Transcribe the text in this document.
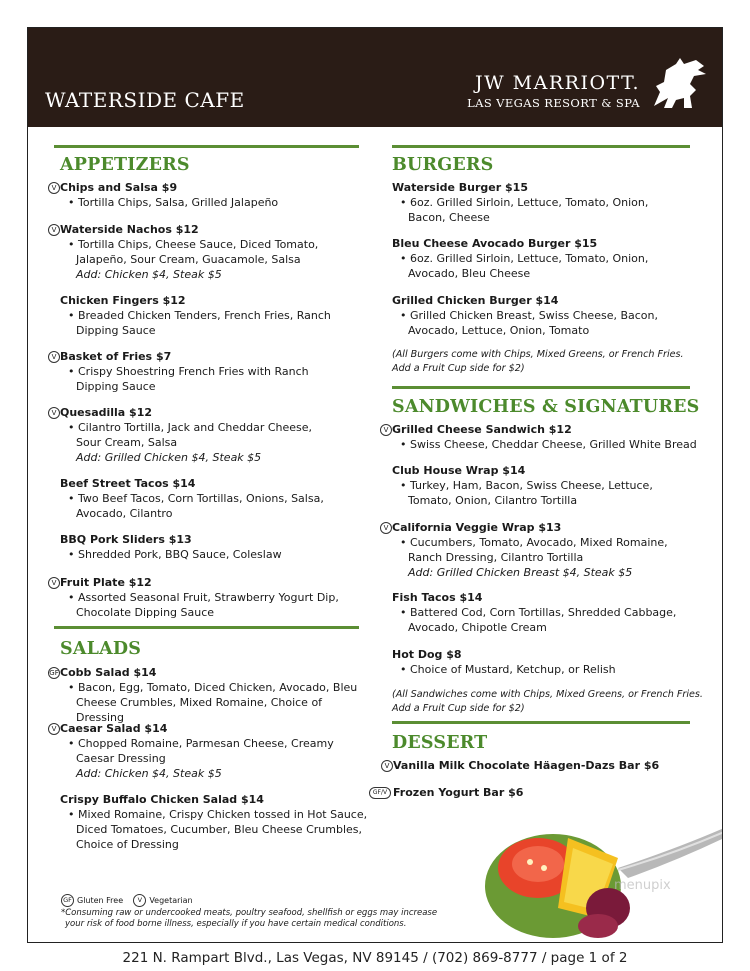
WATERSIDE CAFE
JW MARRIOTT.
LAS VEGAS RESORT & SPA
APPETIZERS
V Chips and Salsa $9
• Tortilla Chips, Salsa, Grilled Jalapeño
V Waterside Nachos $12
• Tortilla Chips, Cheese Sauce, Diced Tomato,
Jalapeño, Sour Cream, Guacamole, Salsa
Add: Chicken $4, Steak $5
Chicken Fingers $12
• Breaded Chicken Tenders, French Fries, Ranch
Dipping Sauce
V Basket of Fries $7
• Crispy Shoestring French Fries with Ranch
Dipping Sauce
V Quesadilla $12
• Cilantro Tortilla, Jack and Cheddar Cheese,
Sour Cream, Salsa
Add: Grilled Chicken $4, Steak $5
Beef Street Tacos $14
• Two Beef Tacos, Corn Tortillas, Onions, Salsa,
Avocado, Cilantro
BBQ Pork Sliders $13
• Shredded Pork, BBQ Sauce, Coleslaw
V Fruit Plate $12
• Assorted Seasonal Fruit, Strawberry Yogurt Dip,
Chocolate Dipping Sauce
SALADS
GF Cobb Salad $14
• Bacon, Egg, Tomato, Diced Chicken, Avocado, Bleu
Cheese Crumbles, Mixed Romaine, Choice of Dressing
V Caesar Salad $14
• Chopped Romaine, Parmesan Cheese, Creamy
Caesar Dressing
Add: Chicken $4, Steak $5
Crispy Buffalo Chicken Salad $14
• Mixed Romaine, Crispy Chicken tossed in Hot Sauce,
Diced Tomatoes, Cucumber, Bleu Cheese Crumbles,
Choice of Dressing
BURGERS
Waterside Burger $15
• 6oz. Grilled Sirloin, Lettuce, Tomato, Onion,
Bacon, Cheese
Bleu Cheese Avocado Burger $15
• 6oz. Grilled Sirloin, Lettuce, Tomato, Onion,
Avocado, Bleu Cheese
Grilled Chicken Burger $14
• Grilled Chicken Breast, Swiss Cheese, Bacon,
Avocado, Lettuce, Onion, Tomato
(All Burgers come with Chips, Mixed Greens, or French Fries.
Add a Fruit Cup side for $2)
SANDWICHES & SIGNATURES
V Grilled Cheese Sandwich $12
• Swiss Cheese, Cheddar Cheese, Grilled White Bread
Club House Wrap $14
• Turkey, Ham, Bacon, Swiss Cheese, Lettuce,
Tomato, Onion, Cilantro Tortilla
V California Veggie Wrap $13
• Cucumbers, Tomato, Avocado, Mixed Romaine,
Ranch Dressing, Cilantro Tortilla
Add: Grilled Chicken Breast $4, Steak $5
Fish Tacos $14
• Battered Cod, Corn Tortillas, Shredded Cabbage,
Avocado, Chipotle Cream
Hot Dog $8
• Choice of Mustard, Ketchup, or Relish
(All Sandwiches come with Chips, Mixed Greens, or French Fries.
Add a Fruit Cup side for $2)
DESSERT
V Vanilla Milk Chocolate Häagen-Dazs Bar $6
GF/V Frozen Yogurt Bar $6
menupix
GF Gluten Free V Vegetarian
*Consuming raw or undercooked meats, poultry seafood, shellfish or eggs may increase
your risk of food borne illness, especially if you have certain medical conditions.
221 N. Rampart Blvd., Las Vegas, NV 89145 / (702) 869-8777 / page 1 of 2
